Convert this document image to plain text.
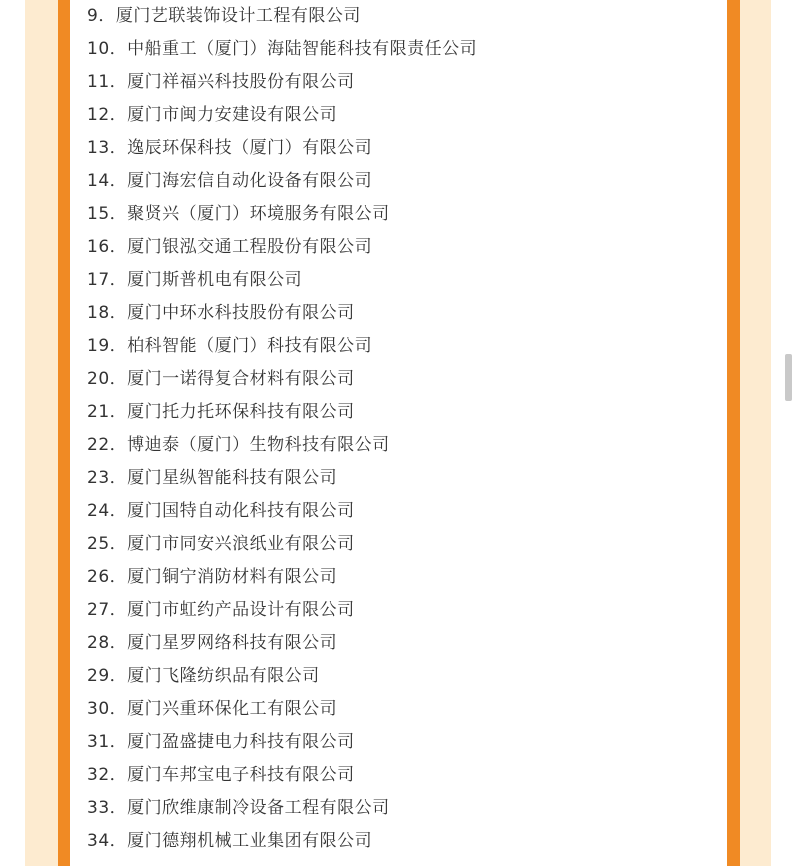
9．厦门艺联装饰设计工程有限公司
10．中船重工（厦门）海陆智能科技有限责任公司
11．厦门祥福兴科技股份有限公司
12．厦门市闽力安建设有限公司
13．逸辰环保科技（厦门）有限公司
14．厦门海宏信自动化设备有限公司
15．聚贤兴（厦门）环境服务有限公司
16．厦门银泓交通工程股份有限公司
17．厦门斯普机电有限公司
18．厦门中环水科技股份有限公司
19．柏科智能（厦门）科技有限公司
20．厦门一诺得复合材料有限公司
21．厦门托力托环保科技有限公司
22．博迪泰（厦门）生物科技有限公司
23．厦门星纵智能科技有限公司
24．厦门国特自动化科技有限公司
25．厦门市同安兴浪纸业有限公司
26．厦门铜宁消防材料有限公司
27．厦门市虹约产品设计有限公司
28．厦门星罗网络科技有限公司
29．厦门飞隆纺织品有限公司
30．厦门兴重环保化工有限公司
31．厦门盈盛捷电力科技有限公司
32．厦门车邦宝电子科技有限公司
33．厦门欣维康制冷设备工程有限公司
34．厦门德翔机械工业集团有限公司
